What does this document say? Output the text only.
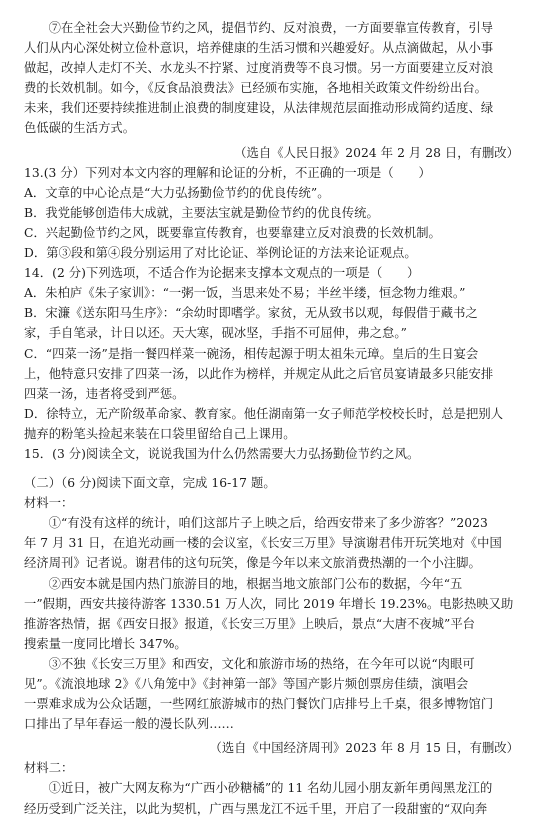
⑦在全社会大兴勤俭节约之风，提倡节约、反对浪费，一方面要靠宣传教育，引导

人们从内心深处树立俭朴意识，培养健康的生活习惯和兴趣爱好。从点滴做起，从小事

做起，改掉人走灯不关、水龙头不拧紧、过度消费等不良习惯。另一方面要建立反对浪

费的长效机制。如今，《反食品浪费法》已经颁布实施，各地相关政策文件纷纷出台。

未来，我们还要持续推进制止浪费的制度建设，从法律规范层面推动形成简约适度、绿

色低碳的生活方式。

（选自《人民日报》2024 年 2 月 28 日，有删改）

13.(3 分）下列对本文内容的理解和论证的分析，不正确的一项是（　　）

A．文章的中心论点是“大力弘扬勤俭节约的优良传统”。

B．我党能够创造伟大成就，主要法宝就是勤俭节约的优良传统。

C．兴起勤俭节约之风，既要靠宣传教育，也要靠建立反对浪费的长效机制。

D．第③段和第④段分别运用了对比论证、举例论证的方法来论证观点。

14．(2 分)下列选项，不适合作为论据来支撑本文观点的一项是（　　）

A．朱柏庐《朱子家训》：“一粥一饭，当思来处不易；半丝半缕，恒念物力维艰。”

B．宋濂《送东阳马生序》：“余幼时即嗜学。家贫，无从致书以观，每假借于藏书之

家，手自笔录，计日以还。天大寒，砚冰坚，手指不可屈伸，弗之怠。”

C．“四菜一汤”是指一餐四样菜一碗汤，相传起源于明太祖朱元璋。皇后的生日宴会

上，他特意只安排了四菜一汤，以此作为榜样，并规定从此之后官员宴请最多只能安排

四菜一汤，违者将受到严惩。

D．徐特立，无产阶级革命家、教育家。他任湖南第一女子师范学校校长时，总是把别人

抛弃的粉笔头捡起来装在口袋里留给自己上课用。

15．(3 分)阅读全文，说说我国为什么仍然需要大力弘扬勤俭节约之风。

（二）（6 分)阅读下面文章，完成 16-17 题。

材料一：

①“有没有这样的统计，咱们这部片子上映之后，给西安带来了多少游客？”2023

年 7 月 31 日，在追光动画一楼的会议室，《长安三万里》导演谢君伟开玩笑地对《中国

经济周刊》记者说。谢君伟的这句玩笑，像是今年以来文旅消费热潮的一个小注脚。

②西安本就是国内热门旅游目的地，根据当地文旅部门公布的数据，今年“五

一”假期，西安共接待游客 1330.51 万人次，同比 2019 年增长 19.23%。电影热映又助

推游客热情，据《西安日报》报道，《长安三万里》上映后，景点“大唐不夜城”平台

搜索量一度同比增长 347%。

③不独《长安三万里》和西安，文化和旅游市场的热络，在今年可以说“肉眼可

见”。《流浪地球 2》《八角笼中》《封神第一部》等国产影片频创票房佳绩，演唱会

一票难求成为公众话题，一些网红旅游城市的热门餐饮门店排号上千桌，很多博物馆门

口排出了早年春运一般的漫长队列……

（选自《中国经济周刊》2023 年 8 月 15 日，有删改）

材料二：

①近日，被广大网友称为“广西小砂糖橘”的 11 名幼儿园小朋友新年勇闯黑龙江的

经历受到广泛关注，以此为契机，广西与黑龙江不远千里，开启了一段甜蜜的“双向奔
